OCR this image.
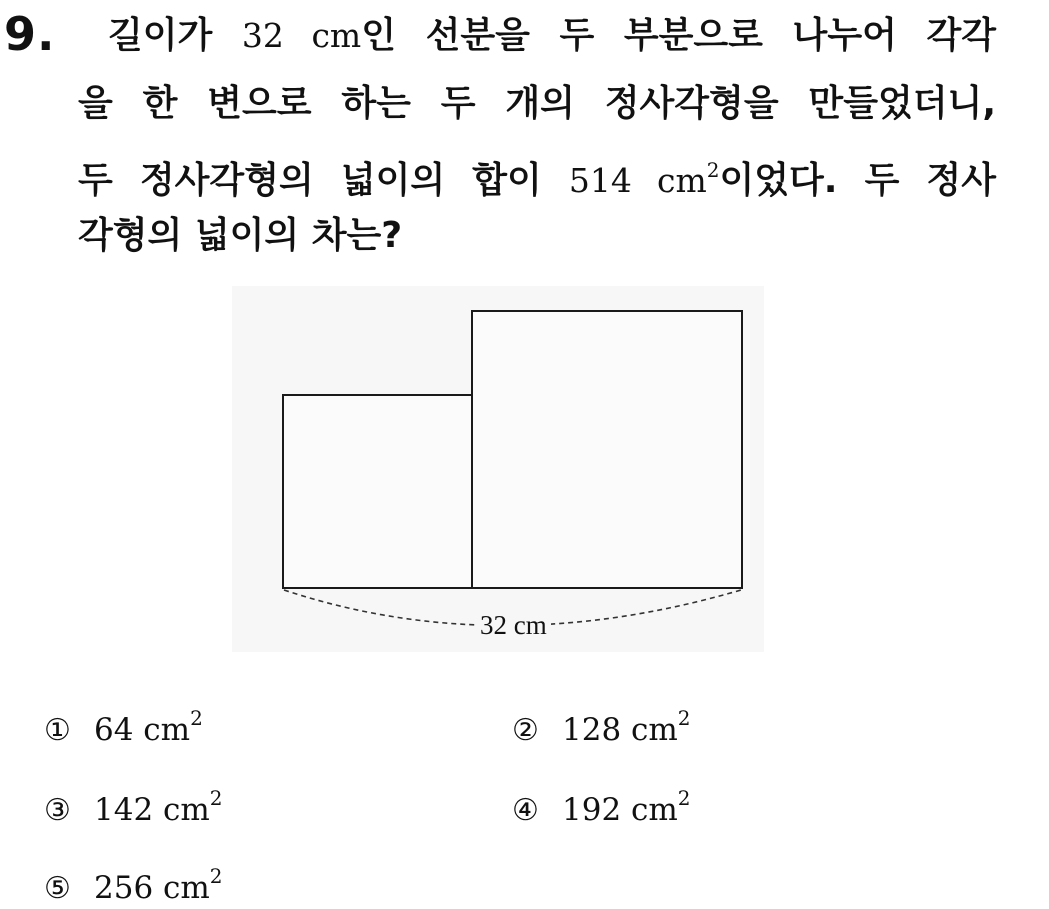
9. 길이가 32 cm인 선분을 두 부분으로 나누어 각각
을 한 변으로 하는 두 개의 정사각형을 만들었더니,
두 정사각형의 넓이의 합이 514 $cm^2$이었다. 두 정사
각형의 넓이의 차는?
32 cm
① 64 $cm^2$	② 128 $cm^2$
③ 142 $cm^2$	④ 192 $cm^2$
⑤ 256 $cm^2$
